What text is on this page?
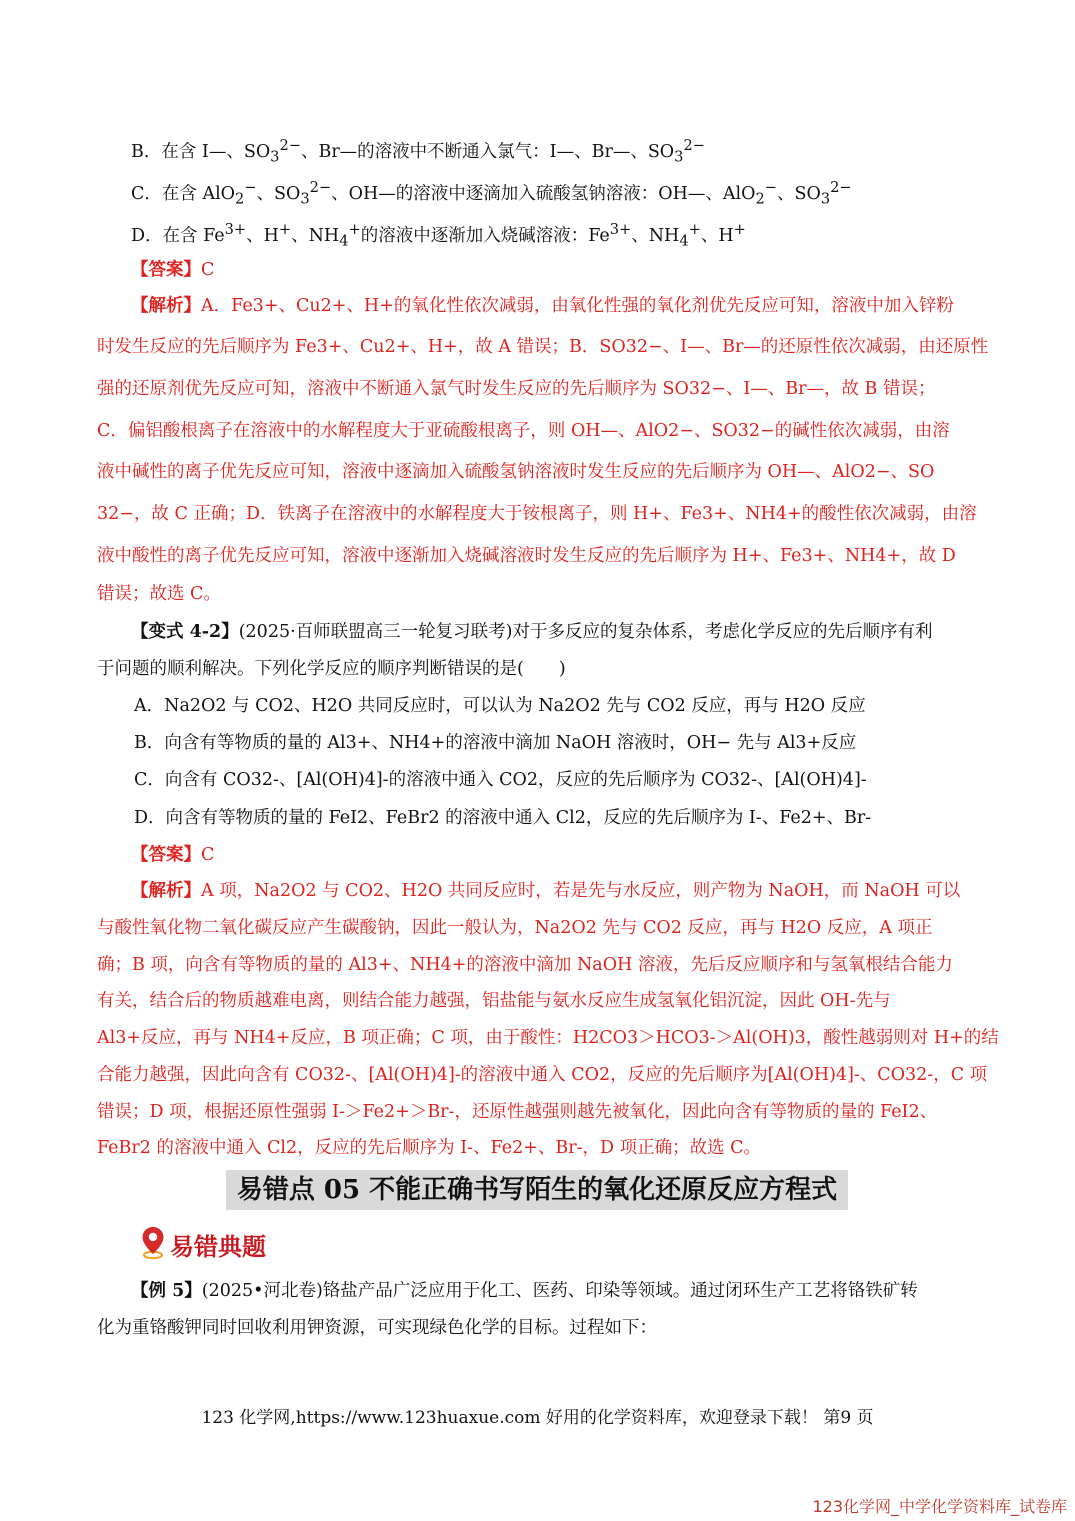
B．在含 I—、$SO_3^{2-}$、Br—的溶液中不断通入氯气：I—、Br—、$SO_3^{2-}$
C．在含 AlO$_2$−、$SO_3^{2-}$、OH—的溶液中逐滴加入硫酸氢钠溶液：OH—、AlO$_2$−、$SO_3^{2-}$
D．在含 $Fe^{3+}$、H+、$NH_4^+$的溶液中逐渐加入烧碱溶液：$Fe^{3+}$、$NH_4^+$、H+
【答案】C
【解析】A．Fe3+、Cu2+、H+的氧化性依次减弱，由氧化性强的氧化剂优先反应可知，溶液中加入锌粉
时发生反应的先后顺序为 Fe3+、Cu2+、H+，故 A 错误；B．SO32−、I—、Br—的还原性依次减弱，由还原性
强的还原剂优先反应可知，溶液中不断通入氯气时发生反应的先后顺序为 SO32−、I—、Br—，故 B 错误；
C．偏铝酸根离子在溶液中的水解程度大于亚硫酸根离子，则 OH—、AlO2−、SO32−的碱性依次减弱，由溶
液中碱性的离子优先反应可知，溶液中逐滴加入硫酸氢钠溶液时发生反应的先后顺序为 OH—、AlO2−、SO
32−，故 C 正确；D．铁离子在溶液中的水解程度大于铵根离子，则 H+、Fe3+、NH4+的酸性依次减弱，由溶
液中酸性的离子优先反应可知，溶液中逐渐加入烧碱溶液时发生反应的先后顺序为 H+、Fe3+、NH4+，故 D
错误；故选 C。
【变式 4-2】(2025·百师联盟高三一轮复习联考)对于多反应的复杂体系，考虑化学反应的先后顺序有利
于问题的顺利解决。下列化学反应的顺序判断错误的是(　　)
A．Na2O2 与 CO2、H2O 共同反应时，可以认为 Na2O2 先与 CO2 反应，再与 H2O 反应
B．向含有等物质的量的 Al3+、NH4+的溶液中滴加 NaOH 溶液时，OH− 先与 Al3+反应
C．向含有 CO32-、[Al(OH)4]-的溶液中通入 CO2，反应的先后顺序为 CO32-、[Al(OH)4]-
D．向含有等物质的量的 FeI2、FeBr2 的溶液中通入 Cl2，反应的先后顺序为 I-、Fe2+、Br-
【答案】C
【解析】A 项，Na2O2 与 CO2、H2O 共同反应时，若是先与水反应，则产物为 NaOH，而 NaOH 可以
与酸性氧化物二氧化碳反应产生碳酸钠，因此一般认为，Na2O2 先与 CO2 反应，再与 H2O 反应，A 项正
确；B 项，向含有等物质的量的 Al3+、NH4+的溶液中滴加 NaOH 溶液，先后反应顺序和与氢氧根结合能力
有关，结合后的物质越难电离，则结合能力越强，铝盐能与氨水反应生成氢氧化铝沉淀，因此 OH-先与
Al3+反应，再与 NH4+反应，B 项正确；C 项，由于酸性：H2CO3＞HCO3-＞Al(OH)3，酸性越弱则对 H+的结
合能力越强，因此向含有 CO32-、[Al(OH)4]-的溶液中通入 CO2，反应的先后顺序为[Al(OH)4]-、CO32-，C 项
错误；D 项，根据还原性强弱 I-＞Fe2+＞Br-，还原性越强则越先被氧化，因此向含有等物质的量的 FeI2、
FeBr2 的溶液中通入 Cl2，反应的先后顺序为 I-、Fe2+、Br-，D 项正确；故选 C。
易错点 05 不能正确书写陌生的氧化还原反应方程式
易错典题
【例 5】(2025•河北卷)铬盐产品广泛应用于化工、医药、印染等领域。通过闭环生产工艺将铬铁矿转
化为重铬酸钾同时回收利用钾资源，可实现绿色化学的目标。过程如下：
123 化学网,https://www.123huaxue.com 好用的化学资料库，欢迎登录下载！ 第9 页
123化学网_中学化学资料库_试卷库
